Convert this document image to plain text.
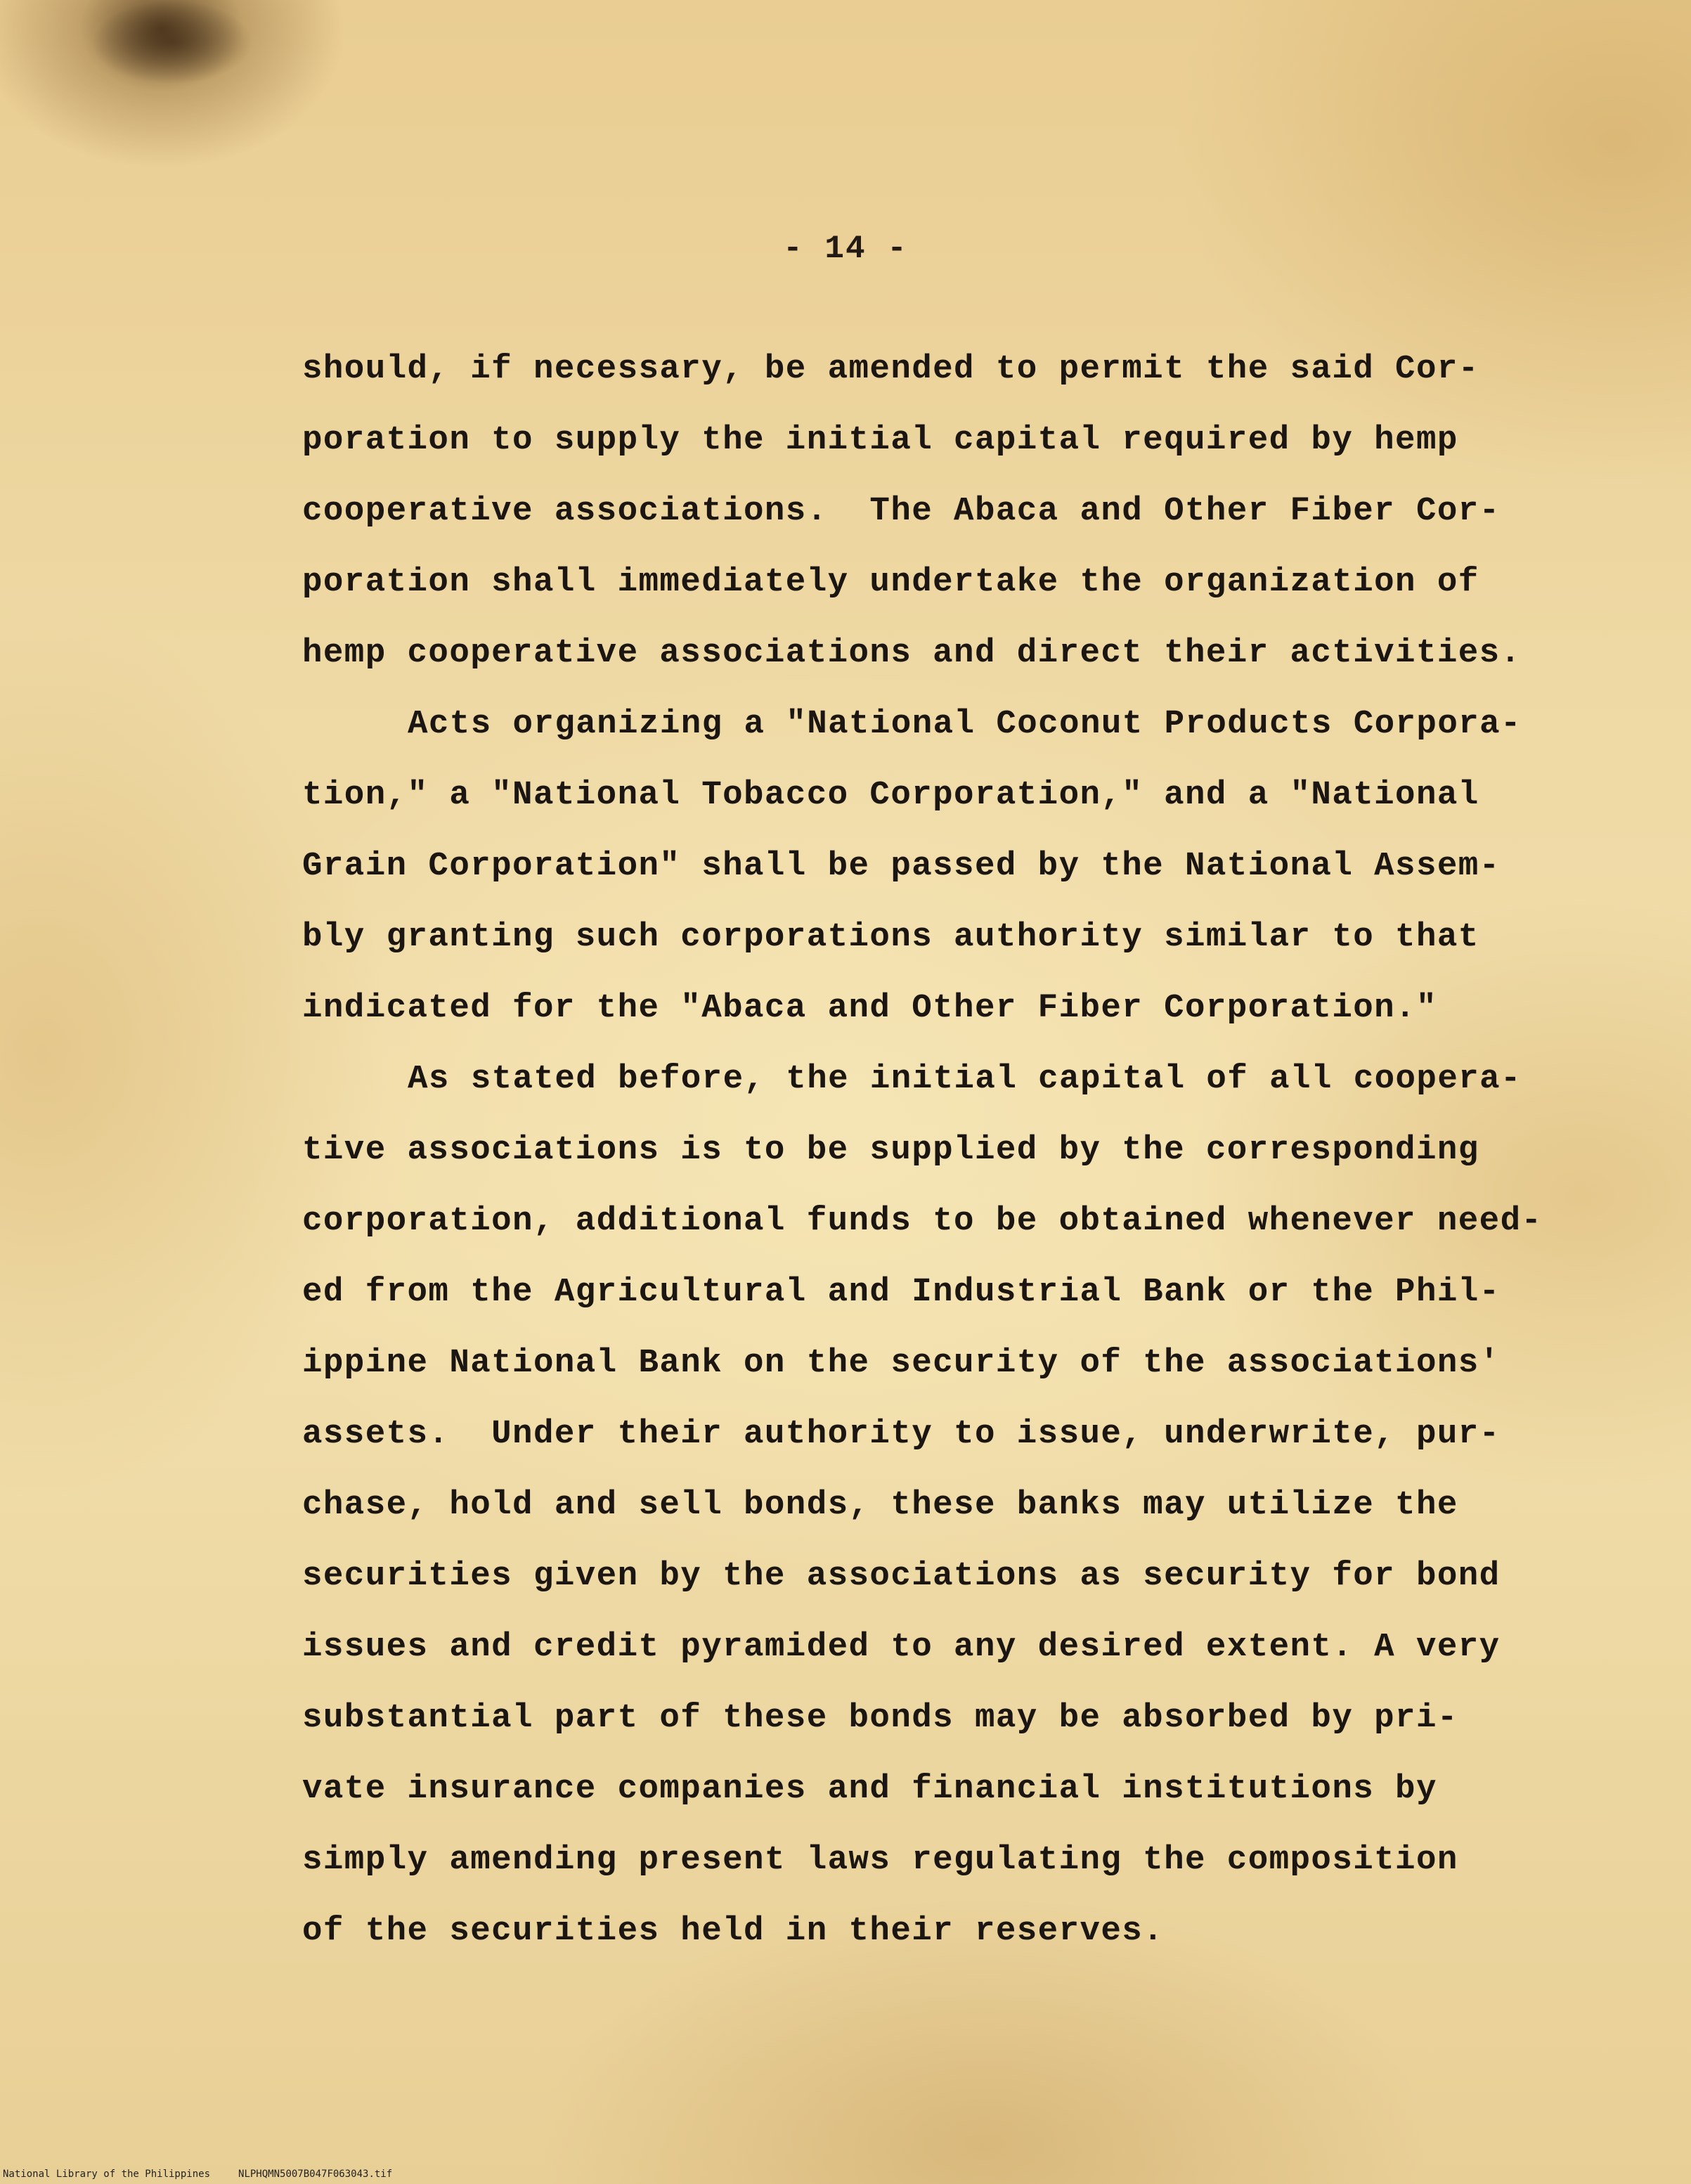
- 14 -
should, if necessary, be amended to permit the said Cor-
poration to supply the initial capital required by hemp
cooperative associations.  The Abaca and Other Fiber Cor-
poration shall immediately undertake the organization of
hemp cooperative associations and direct their activities.
Acts organizing a "National Coconut Products Corpora-
tion," a "National Tobacco Corporation," and a "National
Grain Corporation" shall be passed by the National Assem-
bly granting such corporations authority similar to that
indicated for the "Abaca and Other Fiber Corporation."
As stated before, the initial capital of all coopera-
tive associations is to be supplied by the corresponding
corporation, additional funds to be obtained whenever need-
ed from the Agricultural and Industrial Bank or the Phil-
ippine National Bank on the security of the associations'
assets.  Under their authority to issue, underwrite, pur-
chase, hold and sell bonds, these banks may utilize the
securities given by the associations as security for bond
issues and credit pyramided to any desired extent. A very
substantial part of these bonds may be absorbed by pri-
vate insurance companies and financial institutions by
simply amending present laws regulating the composition
of the securities held in their reserves.
National Library of the Philippines	NLPHQMN5007B047F063043.tif
